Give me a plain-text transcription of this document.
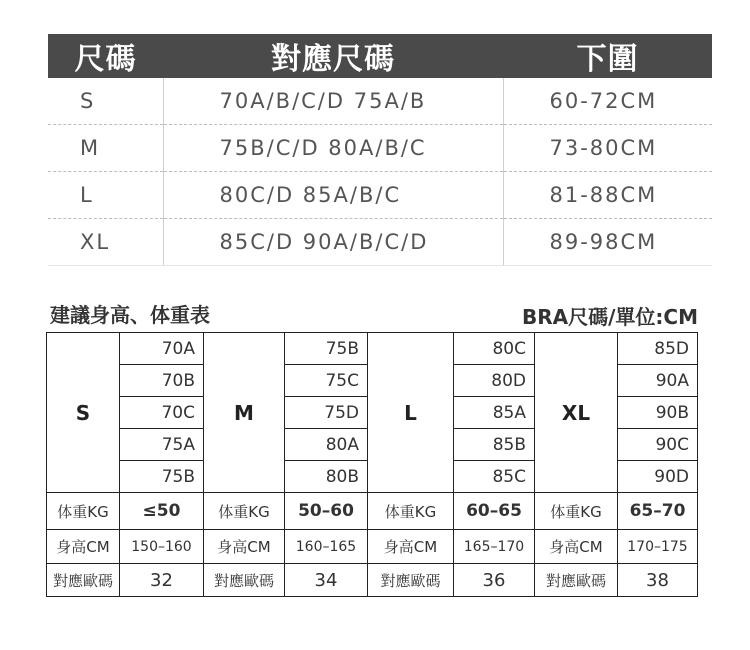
尺碼	對應尺碼	下圍
S	70A/B/C/D 75A/B	60-72CM
M	75B/C/D 80A/B/C	73-80CM
L	80C/D 85A/B/C	81-88CM
XL	85C/D 90A/B/C/D	89-98CM
建議身高、体重表	BRA尺碼/單位:CM
S	70A	M	75B	L	80C	XL	85D
	70B		75C		80D		90A
	70C		75D		85A		90B
	75A		80A		85B		90C
	75B		80B		85C		90D
体重KG	≤50	体重KG	50–60	体重KG	60–65	体重KG	65–70
身高CM	150–160	身高CM	160–165	身高CM	165–170	身高CM	170–175
對應歐碼	32	對應歐碼	34	對應歐碼	36	對應歐碼	38
